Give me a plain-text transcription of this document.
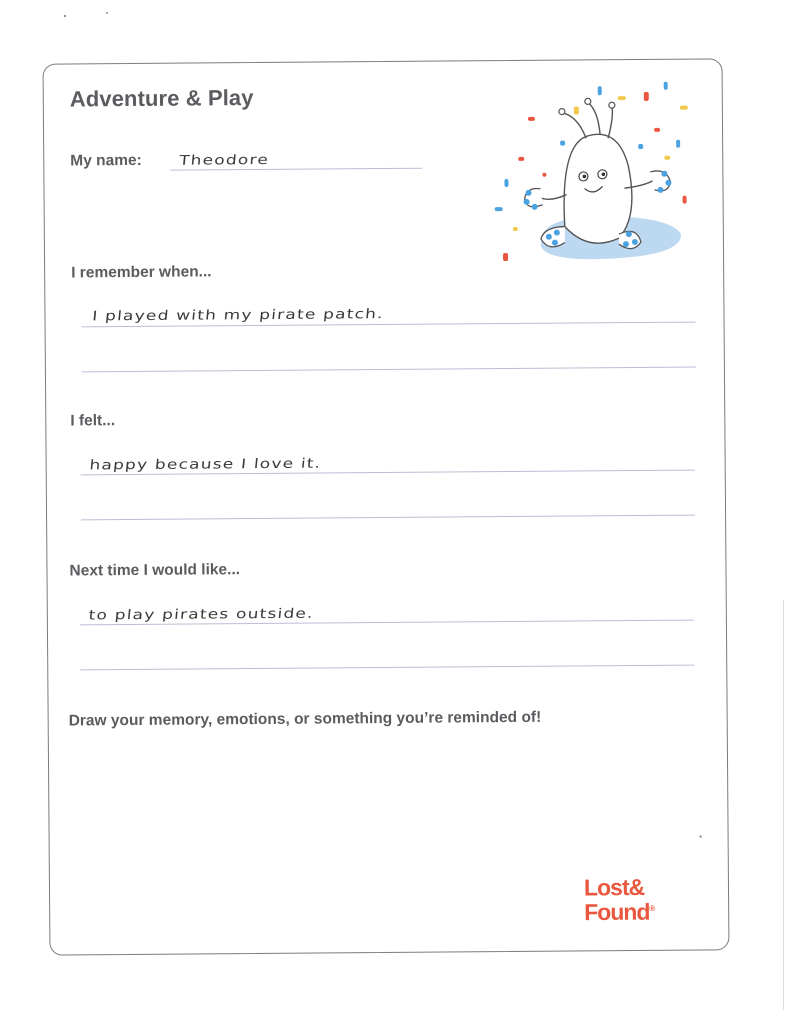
Adventure & Play
My name: Theodore
I remember when...
I played with my pirate patch.
I felt...
happy because I love it.
Next time I would like...
to play pirates outside.
Draw your memory, emotions, or something you’re reminded of!
Lost&
Found®
